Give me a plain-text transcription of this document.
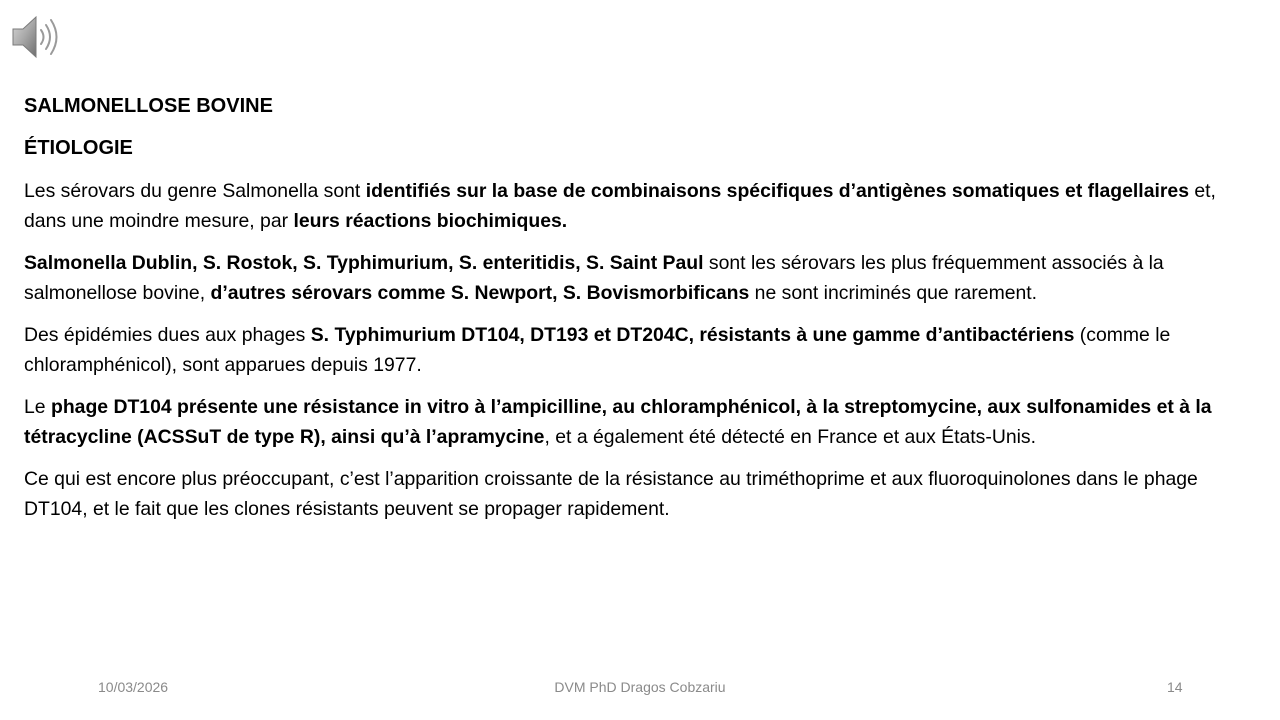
SALMONELLOSE BOVINE
ÉTIOLOGIE
Les sérovars du genre Salmonella sont identifiés sur la base de combinaisons spécifiques d’antigènes somatiques et flagellaires et, dans une moindre mesure, par leurs réactions biochimiques.
Salmonella Dublin, S. Rostok, S. Typhimurium, S. enteritidis, S. Saint Paul sont les sérovars les plus fréquemment associés à la salmonellose bovine, d’autres sérovars comme S. Newport, S. Bovismorbificans ne sont incriminés que rarement.
Des épidémies dues aux phages S. Typhimurium DT104, DT193 et DT204C, résistants à une gamme d’antibactériens (comme le chloramphénicol), sont apparues depuis 1977.
Le phage DT104 présente une résistance in vitro à l’ampicilline, au chloramphénicol, à la streptomycine, aux sulfonamides et à la tétracycline (ACSSuT de type R), ainsi qu’à l’apramycine, et a également été détecté en France et aux États-Unis.
Ce qui est encore plus préoccupant, c’est l’apparition croissante de la résistance au triméthoprime et aux fluoroquinolones dans le phage DT104, et le fait que les clones résistants peuvent se propager rapidement.
10/03/2026	DVM PhD Dragos Cobzariu	14
